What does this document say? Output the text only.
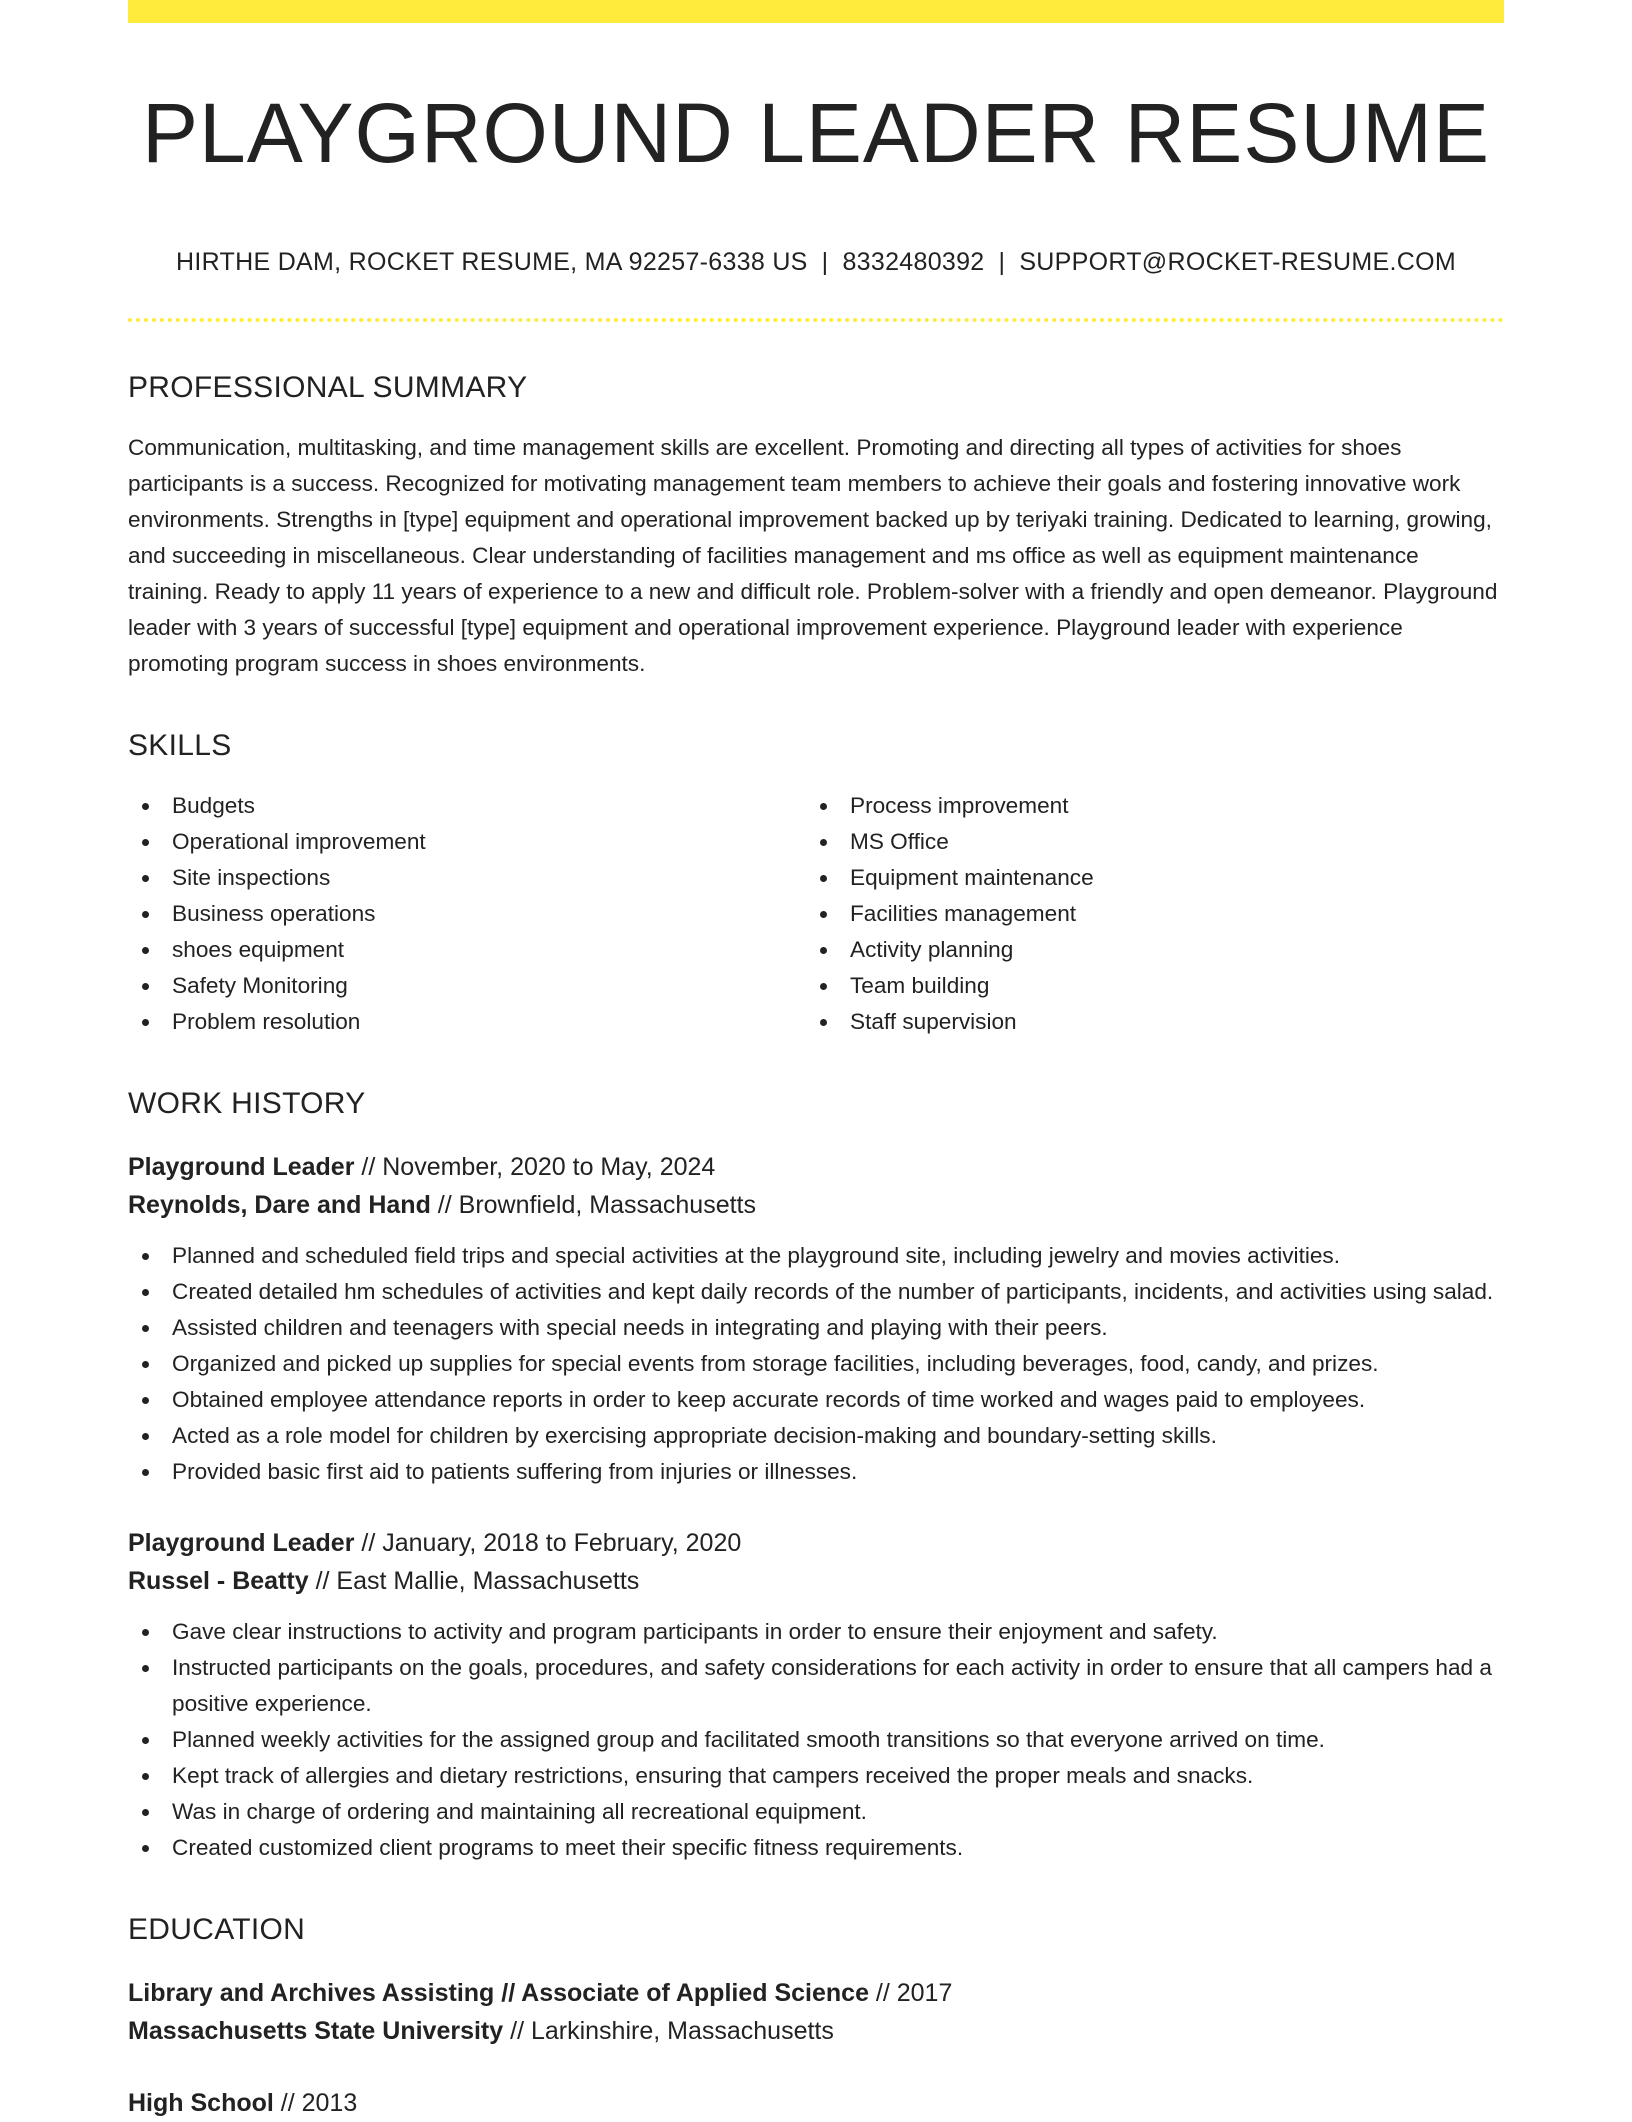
PLAYGROUND LEADER RESUME
HIRTHE DAM, ROCKET RESUME, MA 92257-6338 US | 8332480392 | SUPPORT@ROCKET-RESUME.COM
PROFESSIONAL SUMMARY
Communication, multitasking, and time management skills are excellent. Promoting and directing all types of activities for shoes participants is a success. Recognized for motivating management team members to achieve their goals and fostering innovative work environments. Strengths in [type] equipment and operational improvement backed up by teriyaki training. Dedicated to learning, growing, and succeeding in miscellaneous. Clear understanding of facilities management and ms office as well as equipment maintenance training. Ready to apply 11 years of experience to a new and difficult role. Problem-solver with a friendly and open demeanor. Playground leader with 3 years of successful [type] equipment and operational improvement experience. Playground leader with experience promoting program success in shoes environments.
SKILLS
Budgets
Operational improvement
Site inspections
Business operations
shoes equipment
Safety Monitoring
Problem resolution
Process improvement
MS Office
Equipment maintenance
Facilities management
Activity planning
Team building
Staff supervision
WORK HISTORY
Playground Leader // November, 2020 to May, 2024
Reynolds, Dare and Hand // Brownfield, Massachusetts
Planned and scheduled field trips and special activities at the playground site, including jewelry and movies activities.
Created detailed hm schedules of activities and kept daily records of the number of participants, incidents, and activities using salad.
Assisted children and teenagers with special needs in integrating and playing with their peers.
Organized and picked up supplies for special events from storage facilities, including beverages, food, candy, and prizes.
Obtained employee attendance reports in order to keep accurate records of time worked and wages paid to employees.
Acted as a role model for children by exercising appropriate decision-making and boundary-setting skills.
Provided basic first aid to patients suffering from injuries or illnesses.
Playground Leader // January, 2018 to February, 2020
Russel - Beatty // East Mallie, Massachusetts
Gave clear instructions to activity and program participants in order to ensure their enjoyment and safety.
Instructed participants on the goals, procedures, and safety considerations for each activity in order to ensure that all campers had a positive experience.
Planned weekly activities for the assigned group and facilitated smooth transitions so that everyone arrived on time.
Kept track of allergies and dietary restrictions, ensuring that campers received the proper meals and snacks.
Was in charge of ordering and maintaining all recreational equipment.
Created customized client programs to meet their specific fitness requirements.
EDUCATION
Library and Archives Assisting // Associate of Applied Science // 2017
Massachusetts State University // Larkinshire, Massachusetts
High School // 2013
